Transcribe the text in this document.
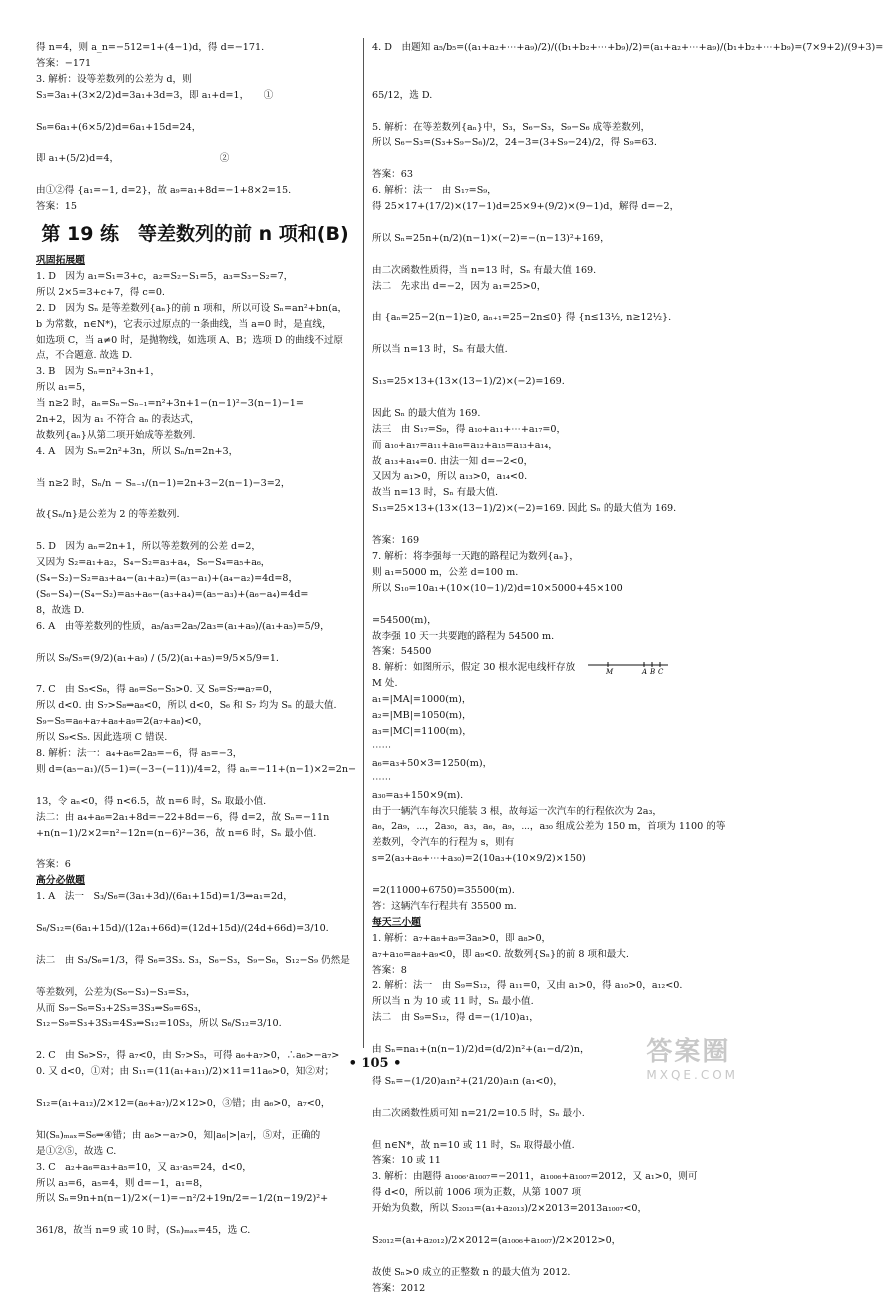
得 n=4，则 a_n=−512=1+(4−1)d，得 d=−171.
答案：−171
3. 解析：设等差数列的公差为 d，则
S₃=3a₁+(3×2/2)d=3a₁+3d=3，即 a₁+d=1，　　①

S₆=6a₁+(6×5/2)d=6a₁+15d=24，

即 a₁+(5/2)d=4，　　　　　　　　　　　②

由①②得 {a₁=−1, d=2}，故 a₉=a₁+8d=−1+8×2=15.
答案：15
第 19 练　等差数列的前 n 项和(B)
巩固拓展题
1. D　因为 a₁=S₁=3+c，a₂=S₂−S₁=5，a₃=S₃−S₂=7，
所以 2×5=3+c+7，得 c=0.
2. D　因为 Sₙ 是等差数列{aₙ}的前 n 项和，所以可设 Sₙ=an²+bn(a，
b 为常数，n∈N*)，它表示过原点的一条曲线，当 a=0 时，是直线，
如选项 C，当 a≠0 时，是抛物线，如选项 A、B；选项 D 的曲线不过原
点，不合题意. 故选 D.
3. B　因为 Sₙ=n²+3n+1，
所以 a₁=5，
当 n≥2 时，aₙ=Sₙ−Sₙ₋₁=n²+3n+1−(n−1)²−3(n−1)−1=
2n+2，因为 a₁ 不符合 aₙ 的表达式，
故数列{aₙ}从第二项开始成等差数列.
4. A　因为 Sₙ=2n²+3n，所以 Sₙ/n=2n+3，

当 n≥2 时，Sₙ/n − Sₙ₋₁/(n−1)=2n+3−2(n−1)−3=2，

故{Sₙ/n}是公差为 2 的等差数列.

5. D　因为 aₙ=2n+1，所以等差数列的公差 d=2，
又因为 S₂=a₁+a₂，S₄−S₂=a₃+a₄，S₆−S₄=a₅+a₆，
(S₄−S₂)−S₂=a₃+a₄−(a₁+a₂)=(a₃−a₁)+(a₄−a₂)=4d=8，
(S₆−S₄)−(S₄−S₂)=a₅+a₆−(a₃+a₄)=(a₅−a₃)+(a₆−a₄)=4d=
8，故选 D.
6. A　由等差数列的性质，a₅/a₃=2a₅/2a₃=(a₁+a₉)/(a₁+a₅)=5/9，

所以 S₉/S₅=(9/2)(a₁+a₉) / (5/2)(a₁+a₅)=9/5×5/9=1.

7. C　由 S₅<S₆，得 a₆=S₆−S₅>0. 又 S₆=S₇⇒a₇=0，
所以 d<0. 由 S₇>S₈⇒a₈<0，所以 d<0，S₆ 和 S₇ 均为 Sₙ 的最大值.
S₉−S₅=a₆+a₇+a₈+a₉=2(a₇+a₈)<0，
所以 S₉<S₅. 因此选项 C 错误.
8. 解析：法一：a₄+a₆=2a₅=−6，得 a₅=−3，
则 d=(a₅−a₁)/(5−1)=(−3−(−11))/4=2，得 aₙ=−11+(n−1)×2=2n−

13，令 aₙ<0，得 n<6.5，故 n=6 时，Sₙ 取最小值.
法二：由 a₄+a₆=2a₁+8d=−22+8d=−6，得 d=2，故 Sₙ=−11n
+n(n−1)/2×2=n²−12n=(n−6)²−36，故 n=6 时，Sₙ 最小值.

答案：6
高分必做题
1. A　法一　S₃/S₆=(3a₁+3d)/(6a₁+15d)=1/3⇒a₁=2d，

S₆/S₁₂=(6a₁+15d)/(12a₁+66d)=(12d+15d)/(24d+66d)=3/10.

法二　由 S₃/S₆=1/3，得 S₆=3S₃. S₃，S₆−S₃，S₉−S₆，S₁₂−S₉ 仍然是

等差数列，公差为(S₆−S₃)−S₃=S₃，
从而 S₉−S₆=S₃+2S₃=3S₃⇒S₉=6S₃，
S₁₂−S₉=S₃+3S₃=4S₃⇒S₁₂=10S₃，所以 S₆/S₁₂=3/10.

2. C　由 S₆>S₇，得 a₇<0，由 S₇>S₅，可得 a₆+a₇>0，∴a₆>−a₇>
0. 又 d<0，①对；由 S₁₁=(11(a₁+a₁₁)/2)×11=11a₆>0，知②对；

S₁₂=(a₁+a₁₂)/2×12=(a₆+a₇)/2×12>0，③错；由 a₆>0，a₇<0，

知(Sₙ)ₘₐₓ=S₆⇒④错；由 a₆>−a₇>0，知|a₆|>|a₇|，⑤对，正确的
是①②⑤，故选 C.
3. C　a₂+a₆=a₃+a₅=10，又 a₃·a₅=24，d<0，
所以 a₃=6，a₅=4，则 d=−1，a₁=8，
所以 Sₙ=9n+n(n−1)/2×(−1)=−n²/2+19n/2=−1/2(n−19/2)²+

361/8，故当 n=9 或 10 时，(Sₙ)ₘₐₓ=45，选 C.
4. D　由题知 a₅/b₅=((a₁+a₂+⋯+a₉)/2)/((b₁+b₂+⋯+b₉)/2)=(a₁+a₂+⋯+a₉)/(b₁+b₂+⋯+b₉)=(7×9+2)/(9+3)=

65/12，选 D.

5. 解析：在等差数列{aₙ}中，S₃，S₆−S₃，S₉−S₆ 成等差数列，
所以 S₆−S₃=(S₃+S₉−S₆)/2，24−3=(3+S₉−24)/2，得 S₉=63.

答案：63
6. 解析：法一　由 S₁₇=S₉，
得 25×17+(17/2)×(17−1)d=25×9+(9/2)×(9−1)d，解得 d=−2，

所以 Sₙ=25n+(n/2)(n−1)×(−2)=−(n−13)²+169，

由二次函数性质得，当 n=13 时，Sₙ 有最大值 169.
法二　先求出 d=−2，因为 a₁=25>0，

由 {aₙ=25−2(n−1)≥0, aₙ₊₁=25−2n≤0} 得 {n≤13½, n≥12½}.

所以当 n=13 时，Sₙ 有最大值.

S₁₃=25×13+(13×(13−1)/2)×(−2)=169.

因此 Sₙ 的最大值为 169.
法三　由 S₁₇=S₉，得 a₁₀+a₁₁+⋯+a₁₇=0，
而 a₁₀+a₁₇=a₁₁+a₁₆=a₁₂+a₁₅=a₁₃+a₁₄，
故 a₁₃+a₁₄=0. 由法一知 d=−2<0，
又因为 a₁>0，所以 a₁₃>0，a₁₄<0.
故当 n=13 时，Sₙ 有最大值.
S₁₃=25×13+(13×(13−1)/2)×(−2)=169. 因此 Sₙ 的最大值为 169.

答案：169
7. 解析：将李强每一天跑的路程记为数列{aₙ}，
则 a₁=5000 m，公差 d=100 m.
所以 S₁₀=10a₁+(10×(10−1)/2)d=10×5000+45×100

=54500(m)，
故李强 10 天一共要跑的路程为 54500 m.
答案：54500
8. 解析：如图所示，假定 30 根水泥电线杆存放	M	A B C
M 处.
a₁=|MA|=1000(m)，
a₂=|MB|=1050(m)，
a₃=|MC|=1100(m)，
⋯⋯
a₆=a₃+50×3=1250(m)，
⋯⋯
a₃₀=a₃+150×9(m).
由于一辆汽车每次只能装 3 根，故每运一次汽车的行程依次为 2a₃，
a₆，2a₉，⋯，2a₃₀，a₃，a₆，a₉，⋯，a₃₀ 组成公差为 150 m，首项为 1100 的等
差数列，令汽车的行程为 s，则有
s=2(a₃+a₆+⋯+a₃₀)=2(10a₃+(10×9/2)×150)

=2(11000+6750)=35500(m).
答：这辆汽车行程共有 35500 m.
每天三小题
1. 解析：a₇+a₈+a₉=3a₈>0，即 a₈>0，
a₇+a₁₀=a₈+a₉<0，即 a₉<0. 故数列{Sₙ}的前 8 项和最大.
答案：8
2. 解析：法一　由 S₉=S₁₂，得 a₁₁=0，又由 a₁>0，得 a₁₀>0，a₁₂<0.
所以当 n 为 10 或 11 时，Sₙ 最小值.
法二　由 S₉=S₁₂，得 d=−(1/10)a₁，

由 Sₙ=na₁+(n(n−1)/2)d=(d/2)n²+(a₁−d/2)n，

得 Sₙ=−(1/20)a₁n²+(21/20)a₁n (a₁<0)，

由二次函数性质可知 n=21/2=10.5 时，Sₙ 最小.

但 n∈N*，故 n=10 或 11 时，Sₙ 取得最小值.
答案：10 或 11
3. 解析：由题得 a₁₀₀₆·a₁₀₀₇=−2011，a₁₀₀₆+a₁₀₀₇=2012，又 a₁>0，则可
得 d<0，所以前 1006 项为正数，从第 1007 项
开始为负数，所以 S₂₀₁₃=(a₁+a₂₀₁₃)/2×2013=2013a₁₀₀₇<0，

S₂₀₁₂=(a₁+a₂₀₁₂)/2×2012=(a₁₀₀₆+a₁₀₀₇)/2×2012>0，

故使 Sₙ>0 成立的正整数 n 的最大值为 2012.
答案：2012
• 105 •	答案圈
MXQE.COM
